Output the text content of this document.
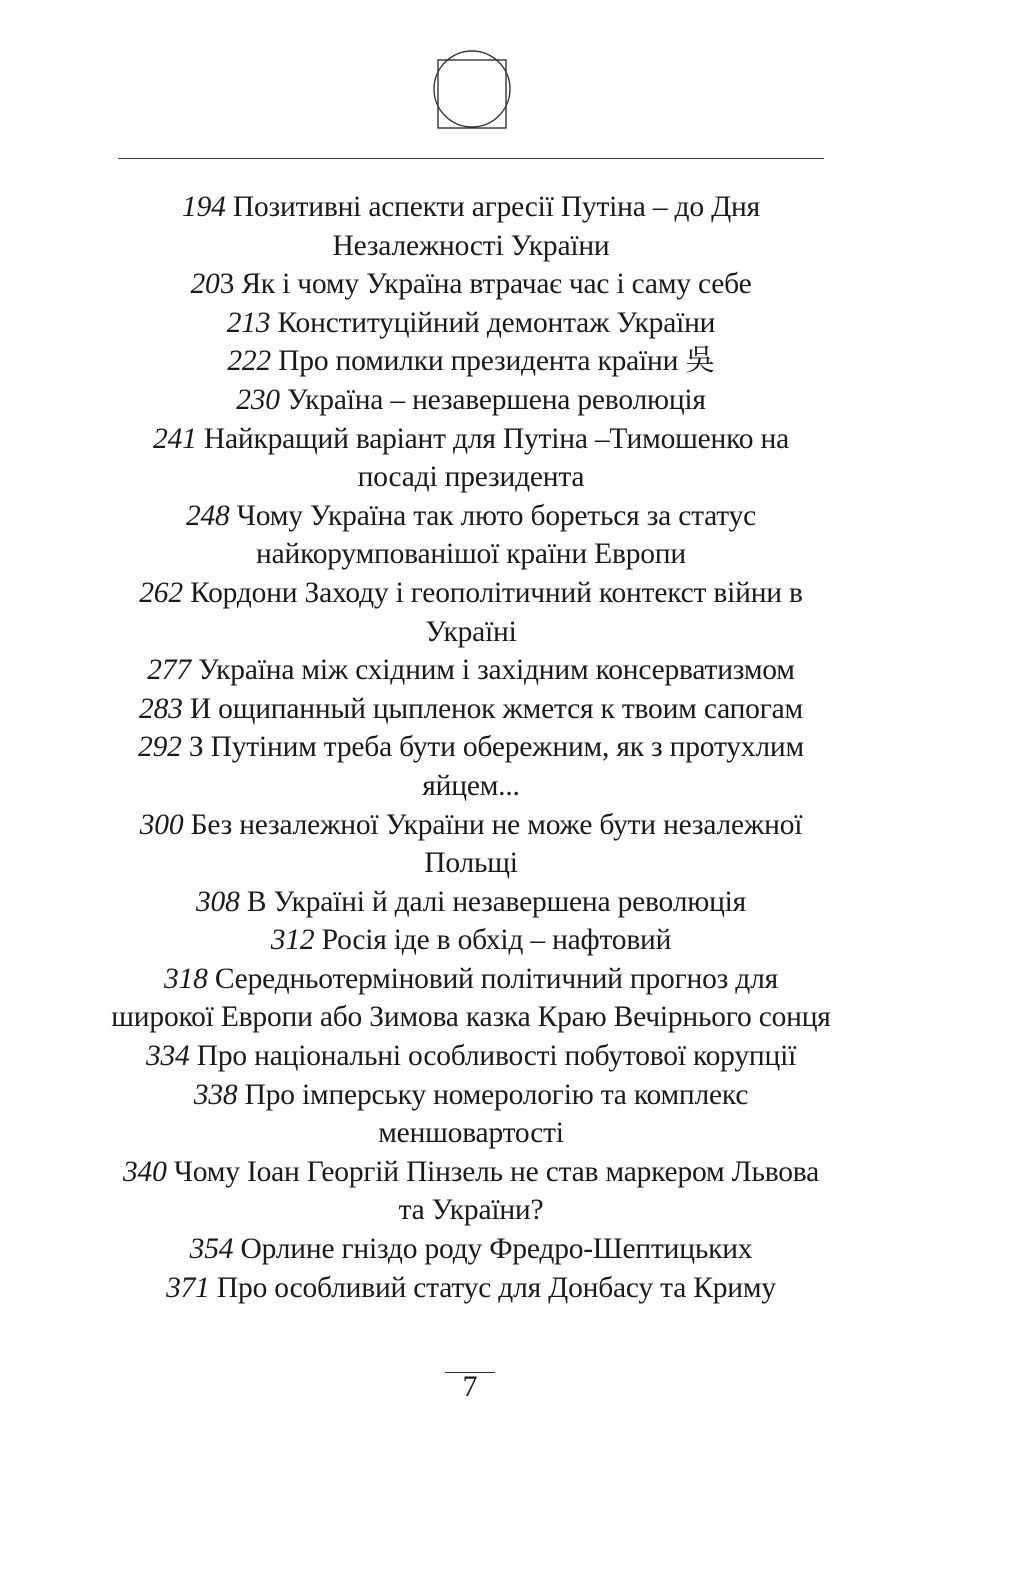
194 Позитивні аспекти агресії Путіна – до Дня Незалежності України

203 Як і чому Україна втрачає час і саму себе

213 Конституційний демонтаж України

222 Про помилки президента країни 吳

230 Україна – незавершена революція

241 Найкращий варіант для Путіна –Тимошенко на посаді президента

248 Чому Україна так люто бореться за статус найкорумпованішої країни Европи

262 Кордони Заходу і геополітичний контекст війни в Україні

277 Україна між східним і західним консерватизмом

283 И ощипанный цыпленок жмется к твоим сапогам

292 З Путіним треба бути обережним, як з протухлим яйцем...

300 Без незалежної України не може бути незалежної Польщі

308 В Україні й далі незавершена революція

312 Росія іде в обхід – нафтовий

318 Середньотерміновий політичний прогноз для широкої Европи або Зимова казка Краю Вечірнього сонця

334 Про національні особливості побутової корупції

338 Про імперську номерологію та комплекс меншовартості

340 Чому Іоан Георгій Пінзель не став маркером Львова та України?

354 Орлине гніздо роду Фредро-Шептицьких

371 Про особливий статус для Донбасу та Криму

7
